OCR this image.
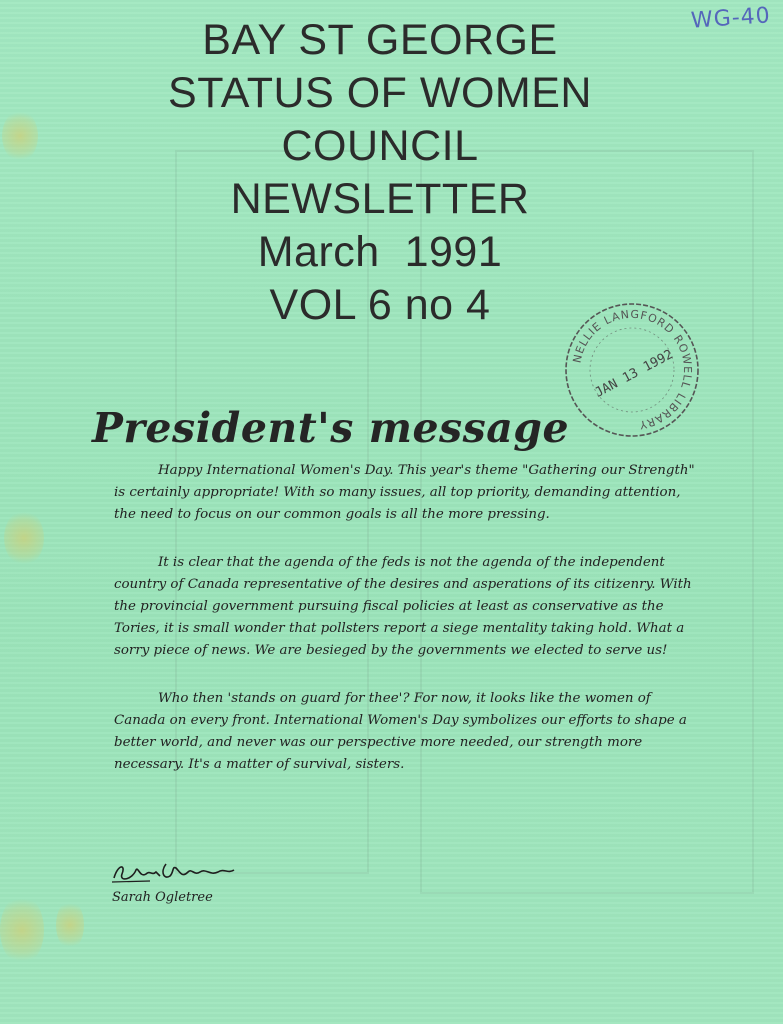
WG-40
BAY ST GEORGE
STATUS OF WOMEN
COUNCIL
NEWSLETTER
March  1991
VOL 6 no 4
NELLIE LANGFORD ROWELL LIBRARY
JAN 13 1992
President's message

Happy International Women's Day. This year's theme "Gathering our Strength" is certainly appropriate! With so many issues, all top priority, demanding attention, the need to focus on our common goals is all the more pressing.

It is clear that the agenda of the feds is not the agenda of the independent country of Canada representative of the desires and asperations of its citizenry. With the provincial government pursuing fiscal policies at least as conservative as the Tories, it is small wonder that pollsters report a siege mentality taking hold. What a sorry piece of news. We are besieged by the governments we elected to serve us!

Who then 'stands on guard for thee'? For now, it looks like the women of Canada on every front. International Women's Day symbolizes our efforts to shape a better world, and never was our perspective more needed, our strength more necessary. It's a matter of survival, sisters.

Sarah Ogletree
